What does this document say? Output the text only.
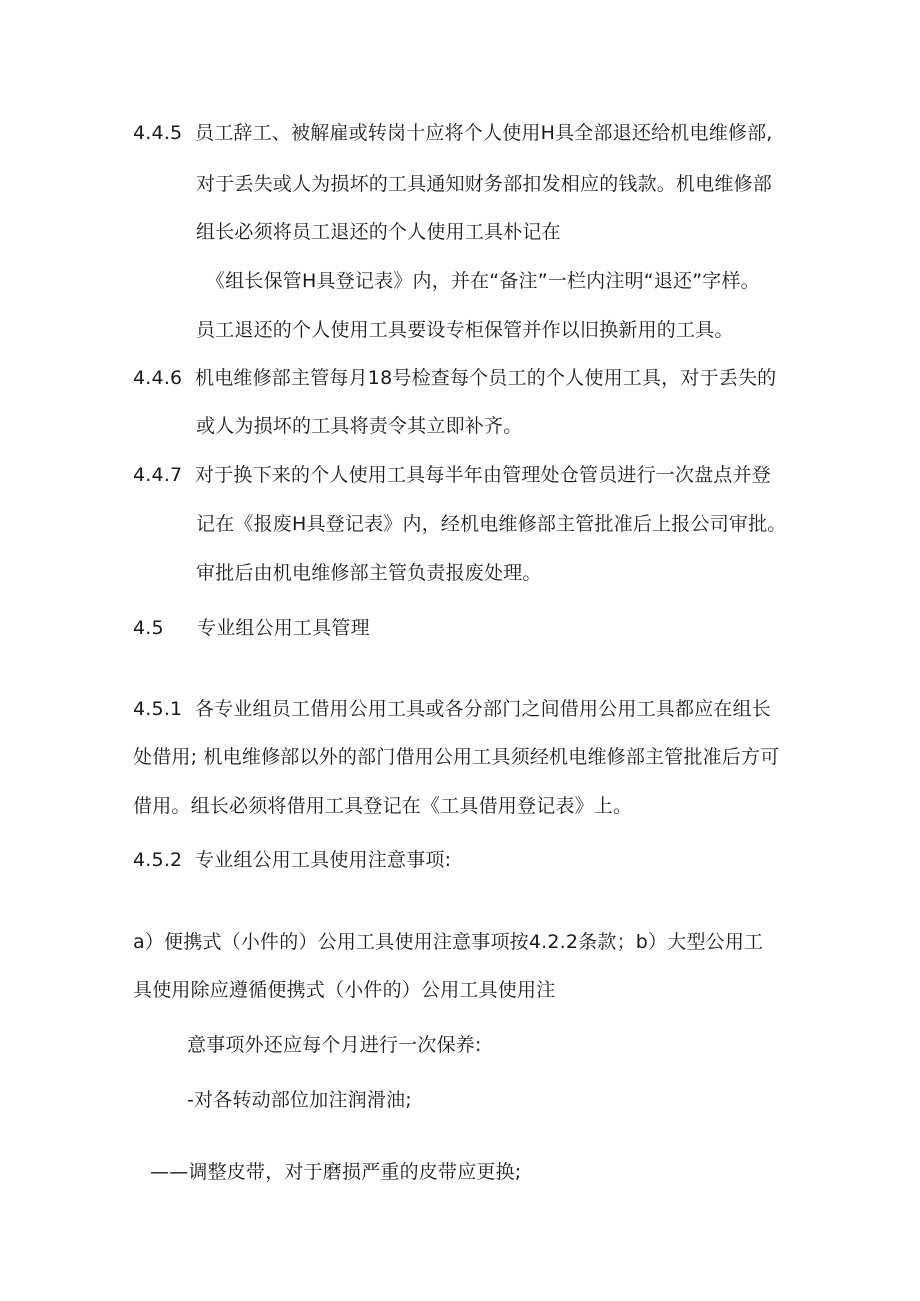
4.4.5 员工辞工、被解雇或转岗十应将个人使用H具全部退还给机电维修部,
对于丢失或人为损坏的工具通知财务部扣发相应的钱款。机电维修部
组长必须将员工退还的个人使用工具朴记在
《组长保管H具登记表》内，并在“备注”一栏内注明“退还”字样。
员工退还的个人使用工具要设专柜保管并作以旧换新用的工具。
4.4.6 机电维修部主管每月18号检查每个员工的个人使用工具，对于丢失的
或人为损坏的工具将责令其立即补齐。
4.4.7 对于换下来的个人使用工具每半年由管理处仓管员进行一次盘点并登
记在《报废H具登记表》内，经机电维修部主管批准后上报公司审批。
审批后由机电维修部主管负责报废处理。
4.5 专业组公用工具管理
4.5.1 各专业组员工借用公用工具或各分部门之间借用公用工具都应在组长
处借用; 机电维修部以外的部门借用公用工具须经机电维修部主管批准后方可
借用。组长必须将借用工具登记在《工具借用登记表》上。
4.5.2 专业组公用工具使用注意事项:
a）便携式（小件的）公用工具使用注意事项按4.2.2条款；b）大型公用工
具使用除应遵循便携式（小件的）公用工具使用注
意事项外还应每个月进行一次保养:
-对各转动部位加注润滑油;
——调整皮带，对于磨损严重的皮带应更换;
